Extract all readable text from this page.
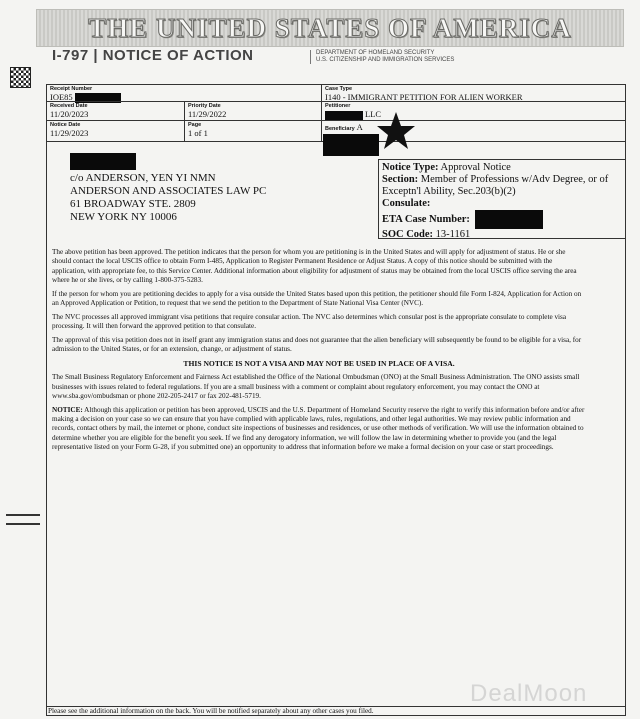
THE UNITED STATES OF AMERICA
I-797 | NOTICE OF ACTION	DEPARTMENT OF HOMELAND SECURITY
U.S. CITIZENSHIP AND IMMIGRATION SERVICES
Receipt Number
IOE85
Case Type
I140 - IMMIGRANT PETITION FOR ALIEN WORKER
Received Date
11/20/2023
Priority Date
11/29/2022
Petitioner
LLC
Notice Date
11/29/2023
Page
1 of 1	Beneficiary A
c/o ANDERSON, YEN YI NMN
ANDERSON AND ASSOCIATES LAW PC
61 BROADWAY STE. 2809
NEW YORK NY 10006
Notice Type: Approval Notice
Section: Member of Professions w/Adv Degree, or of Exceptn'l Ability, Sec.203(b)(2)
Consulate:
ETA Case Number:
SOC Code: 13-1161

The above petition has been approved. The petition indicates that the person for whom you are petitioning is in the United States and will apply for adjustment of status. He or she should contact the local USCIS office to obtain Form I-485, Application to Register Permanent Residence or Adjust Status. A copy of this notice should be submitted with the application, with appropriate fee, to this Service Center. Additional information about eligibility for adjustment of status may be obtained from the local USCIS office serving the area where he or she lives, or by calling 1-800-375-5283.

If the person for whom you are petitioning decides to apply for a visa outside the United States based upon this petition, the petitioner should file Form I-824, Application for Action on an Approved Application or Petition, to request that we send the petition to the Department of State National Visa Center (NVC).

The NVC processes all approved immigrant visa petitions that require consular action. The NVC also determines which consular post is the appropriate consulate to complete visa processing. It will then forward the approved petition to that consulate.

The approval of this visa petition does not in itself grant any immigration status and does not guarantee that the alien beneficiary will subsequently be found to be eligible for a visa, for admission to the United States, or for an extension, change, or adjustment of status.

THIS NOTICE IS NOT A VISA AND MAY NOT BE USED IN PLACE OF A VISA.

The Small Business Regulatory Enforcement and Fairness Act established the Office of the National Ombudsman (ONO) at the Small Business Administration. The ONO assists small businesses with issues related to federal regulations. If you are a small business with a comment or complaint about regulatory enforcement, you may contact the ONO at www.sba.gov/ombudsman or phone 202-205-2417 or fax 202-481-5719.

NOTICE: Although this application or petition has been approved, USCIS and the U.S. Department of Homeland Security reserve the right to verify this information before and/or after making a decision on your case so we can ensure that you have complied with applicable laws, rules, regulations, and other legal authorities. We may review public information and records, contact others by mail, the internet or phone, conduct site inspections of businesses and residences, or use other methods of verification. We will use the information obtained to determine whether you are eligible for the benefit you seek. If we find any derogatory information, we will follow the law in determining whether to provide you (and the legal representative listed on your Form G-28, if you submitted one) an opportunity to address that information before we make a formal decision on your case or start proceedings.

Please see the additional information on the back. You will be notified separately about any other cases you filed.
DealMoon
